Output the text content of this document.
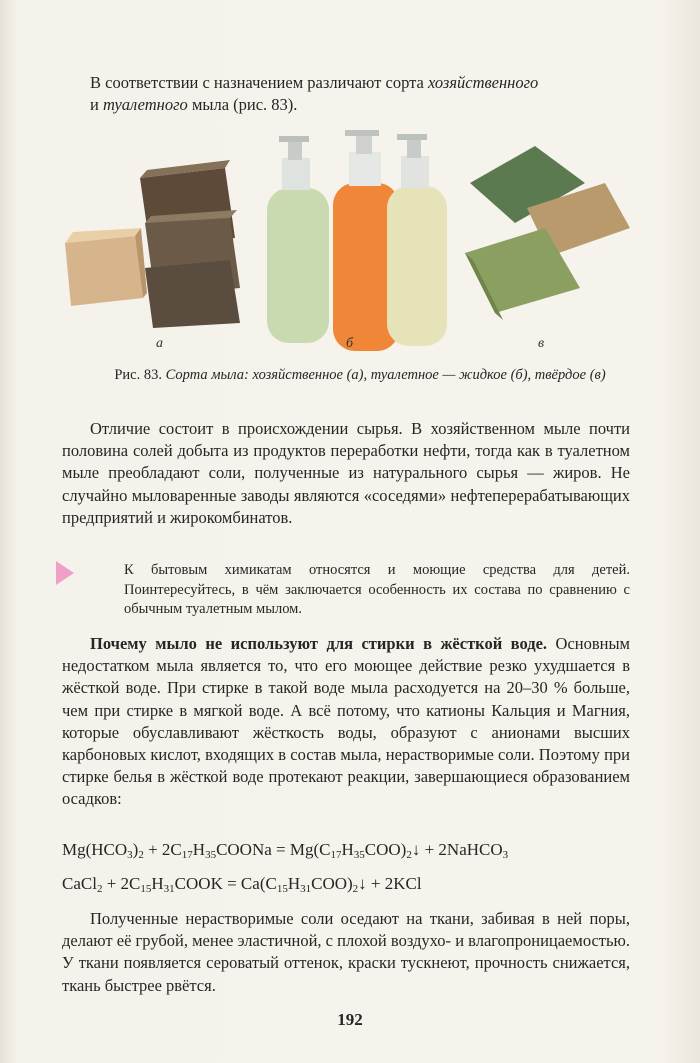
В соответствии с назначением различают сорта хозяйственного
и туалетного мыла (рис. 83).
а	б	в
Рис. 83. Сорта мыла: хозяйственное (а), туалетное — жидкое (б), твёрдое (в)
Отличие состоит в происхождении сырья. В хозяйственном мыле почти половина солей добыта из продуктов переработки нефти, тогда как в туалетном мыле преобладают соли, полученные из натурального сырья — жиров. Не случайно мыловаренные заводы являются «соседями» нефтеперерабатывающих предприятий и жирокомбинатов.
К бытовым химикатам относятся и моющие средства для детей. Поинтересуйтесь, в чём заключается особенность их состава по сравнению с обычным туалетным мылом.
Почему мыло не используют для стирки в жёсткой воде. Основным недостатком мыла является то, что его моющее действие резко ухудшается в жёсткой воде. При стирке в такой воде мыла расходуется на 20–30 % больше, чем при стирке в мягкой воде. А всё потому, что катионы Кальция и Магния, которые обуславливают жёсткость воды, образуют с анионами высших карбоновых кислот, входящих в состав мыла, нерастворимые соли. Поэтому при стирке белья в жёсткой воде протекают реакции, завершающиеся образованием осадков:
$Mg(HCO_3)_2$ + $2C_{17}H_{35}COONa$ = $Mg(C_{17}H_{35}COO)_2↓$ + 2NaHCO$_3$
CaCl$_2$ + $2C_{15}H_{31}COOK$ = $Ca(C_{15}H_{31}COO)_2↓ + 2KCl$
Полученные нерастворимые соли оседают на ткани, забивая в ней поры, делают её грубой, менее эластичной, с плохой воздухо- и влагопроницаемостью. У ткани появляется сероватый оттенок, краски тускнеют, прочность снижается, ткань быстрее рвётся.
192
